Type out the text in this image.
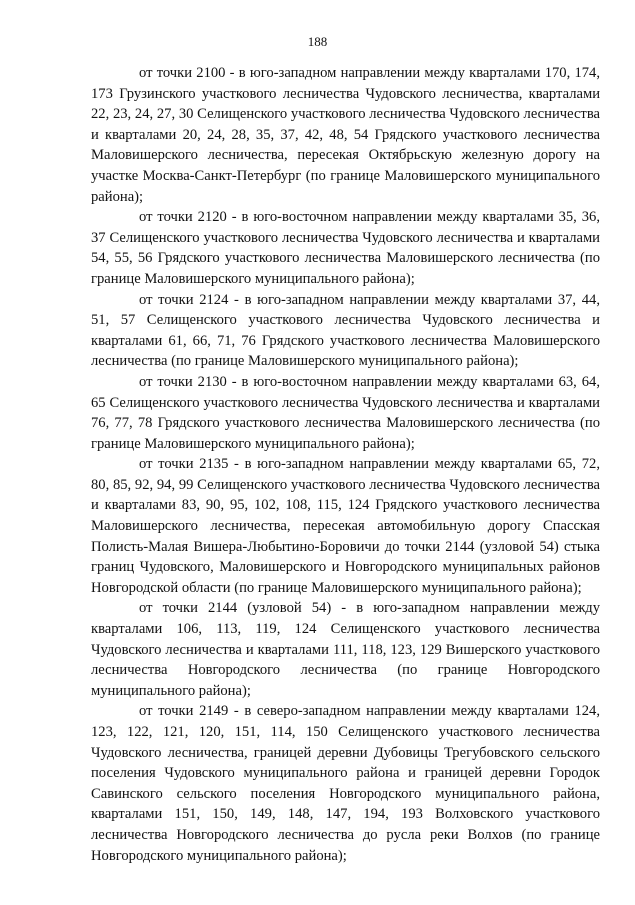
188

от точки 2100 - в юго-западном направлении между кварталами 170, 174, 173 Грузинского участкового лесничества Чудовского лесничества, кварталами 22, 23, 24, 27, 30 Селищенского участкового лесничества Чудовского лесничества и кварталами 20, 24, 28, 35, 37, 42, 48, 54 Грядского участкового лесничества Маловишерского лесничества, пересекая Октябрьскую железную дорогу на участке Москва-Санкт-Петербург (по границе Маловишерского муниципального района);

от точки 2120 - в юго-восточном направлении между кварталами 35, 36, 37 Селищенского участкового лесничества Чудовского лесничества и кварталами 54, 55, 56 Грядского участкового лесничества Маловишерского лесничества (по границе Маловишерского муниципального района);

от точки 2124 - в юго-западном направлении между кварталами 37, 44, 51, 57 Селищенского участкового лесничества Чудовского лесничества и кварталами 61, 66, 71, 76 Грядского участкового лесничества Маловишерского лесничества (по границе Маловишерского муниципального района);

от точки 2130 - в юго-восточном направлении между кварталами 63, 64, 65 Селищенского участкового лесничества Чудовского лесничества и кварталами 76, 77, 78 Грядского участкового лесничества Маловишерского лесничества (по границе Маловишерского муниципального района);

от точки 2135 - в юго-западном направлении между кварталами 65, 72, 80, 85, 92, 94, 99 Селищенского участкового лесничества Чудовского лесничества и кварталами 83, 90, 95, 102, 108, 115, 124 Грядского участкового лесничества Маловишерского лесничества, пересекая автомобильную дорогу Спасская Полисть-Малая Вишера-Любытино-Боровичи до точки 2144 (узловой 54) стыка границ Чудовского, Маловишерского и Новгородского муниципальных районов Новгородской области (по границе Маловишерского муниципального района);

от точки 2144 (узловой 54) - в юго-западном направлении между кварталами 106, 113, 119, 124 Селищенского участкового лесничества Чудовского лесничества и кварталами 111, 118, 123, 129 Вишерского участкового лесничества Новгородского лесничества (по границе Новгородского муниципального района);

от точки 2149 - в северо-западном направлении между кварталами 124, 123, 122, 121, 120, 151, 114, 150 Селищенского участкового лесничества Чудовского лесничества, границей деревни Дубовицы Трегубовского сельского поселения Чудовского муниципального района и границей деревни Городок Савинского сельского поселения Новгородского муниципального района, кварталами 151, 150, 149, 148, 147, 194, 193 Волховского участкового лесничества Новгородского лесничества до русла реки Волхов (по границе Новгородского муниципального района);
